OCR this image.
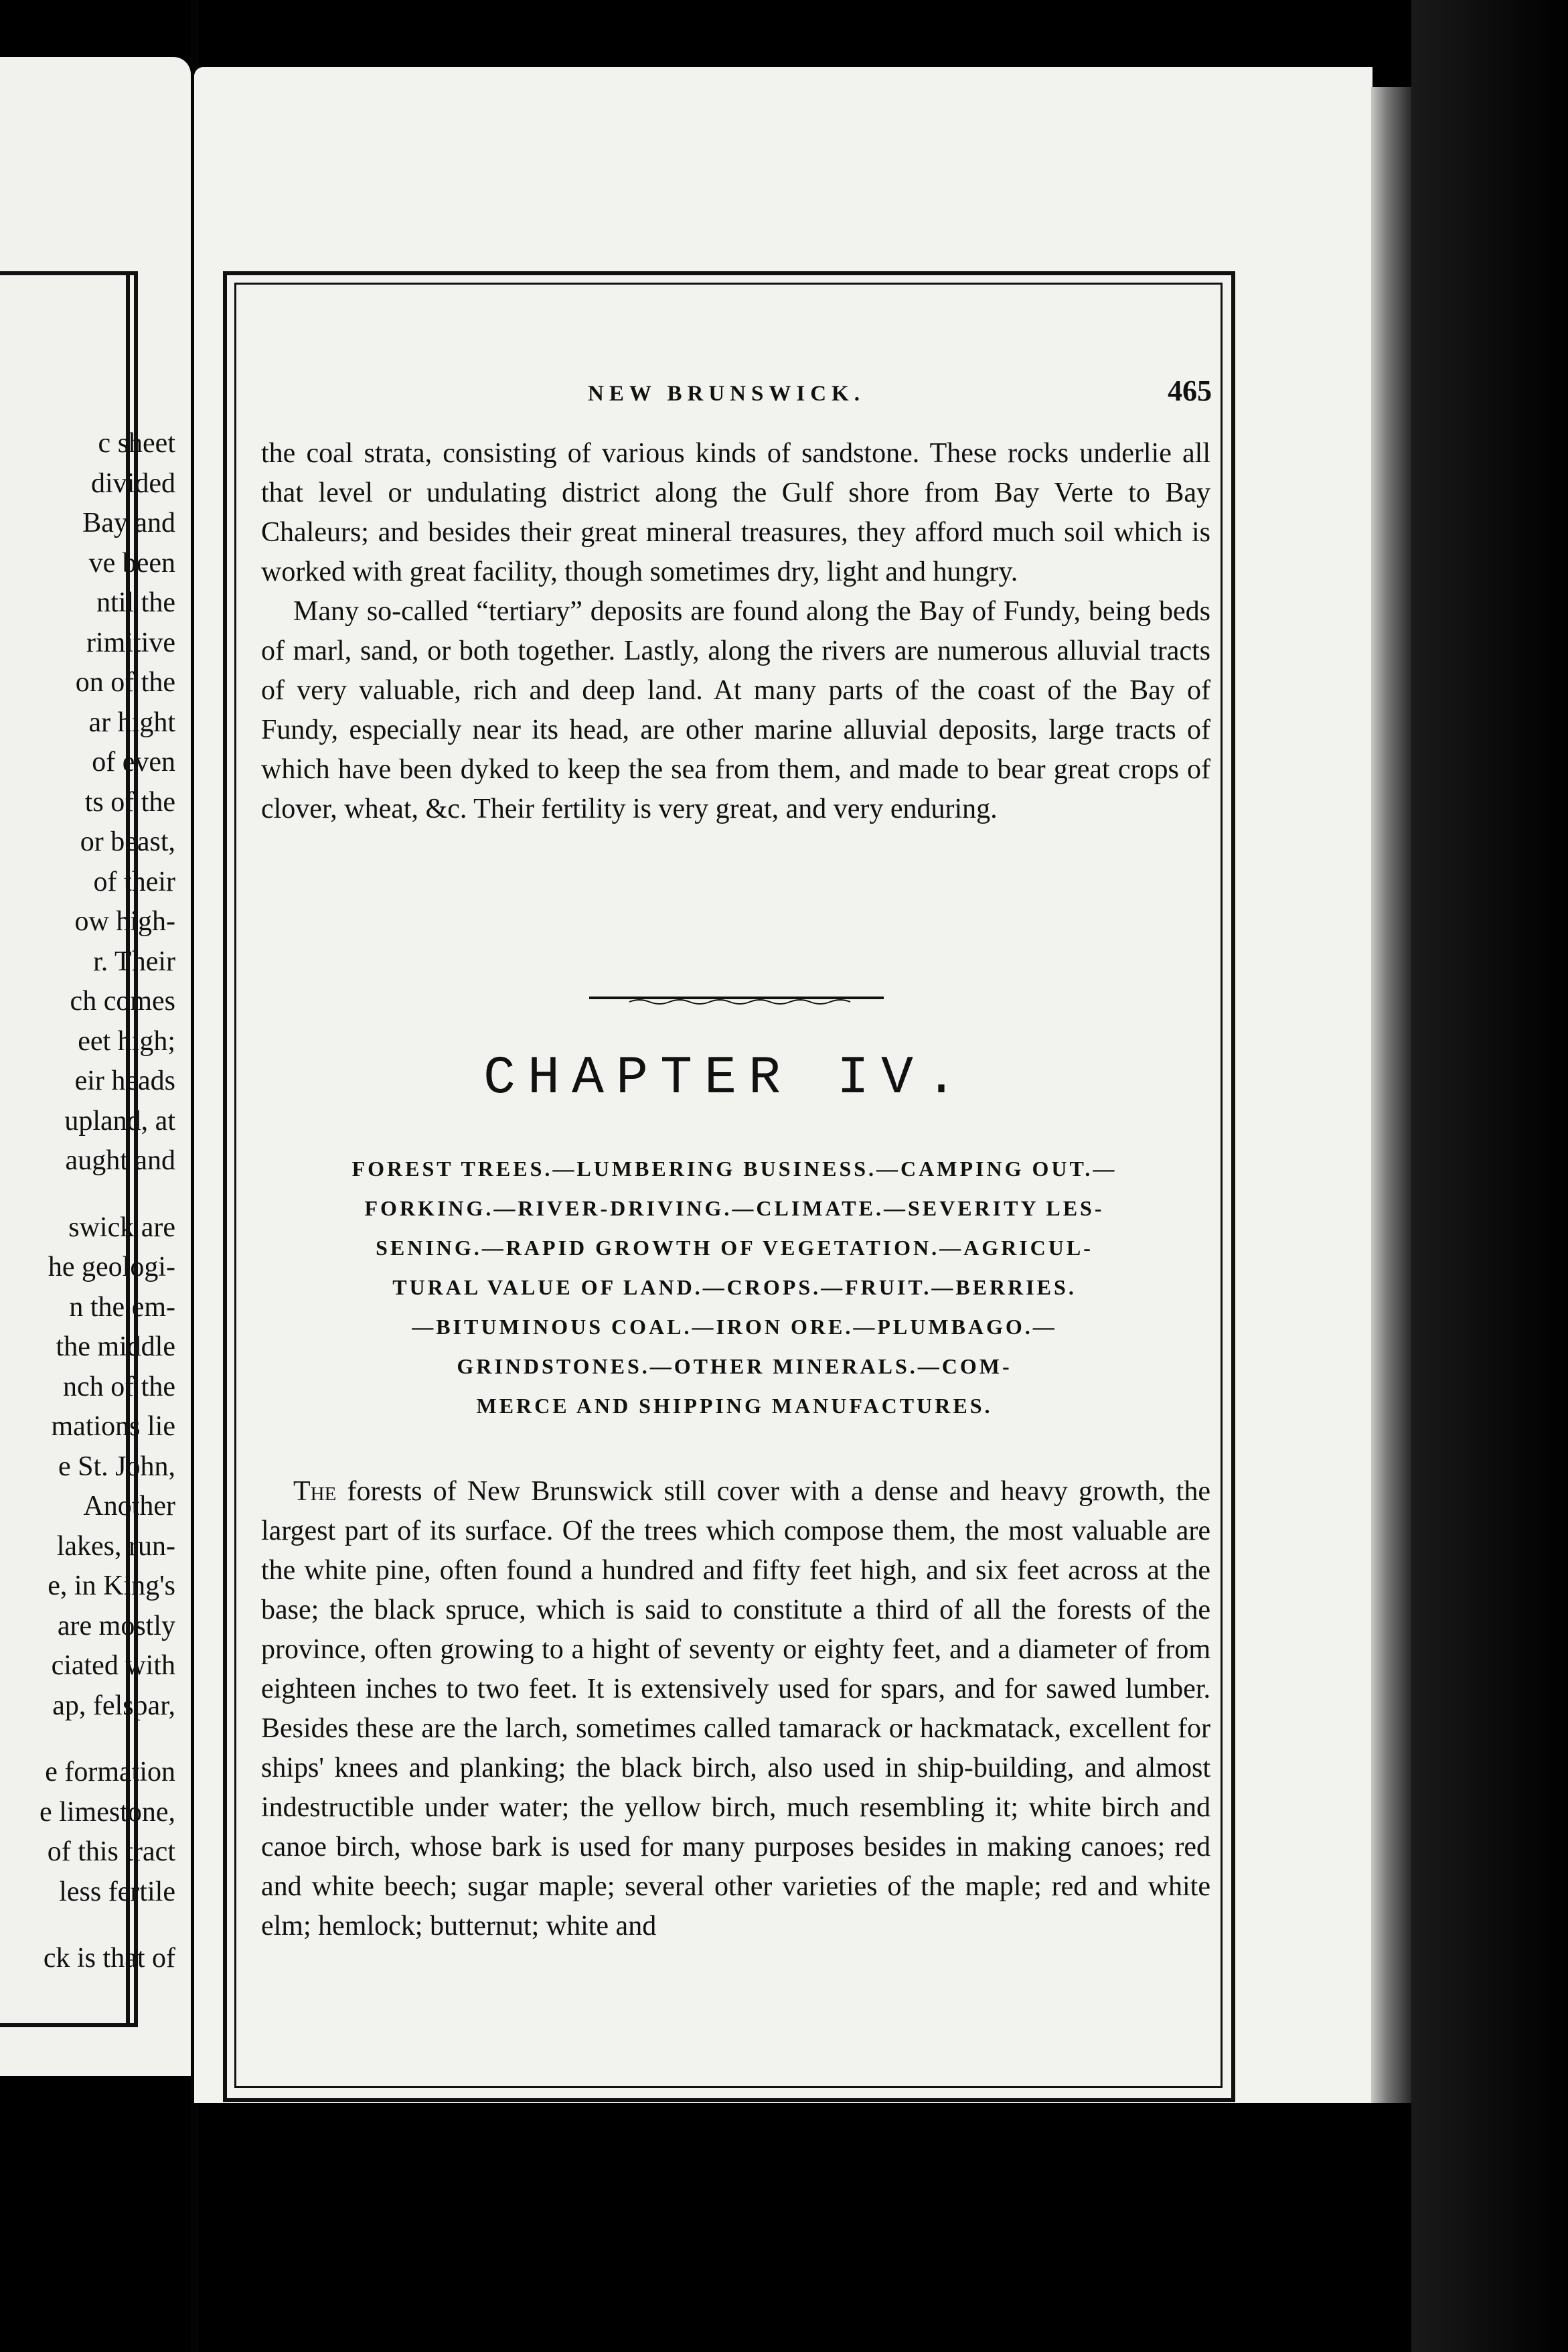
c sheet
divided
Bay and
ve been
ntil the
rimitive
on of the
ar hight
of even
ts of the
or beast,
of their
ow high-
r. Their
ch comes
eet high;
eir heads
upland, at
aught and
swick are
he geologi-
n the em-
the middle
nch of the
mations lie
e St. John,
Another
lakes, run-
e, in King's
are mostly
ciated with
ap, felspar,
e formation
e limestone,
of this tract
less fertile
ck is that of
NEW BRUNSWICK.	465

the coal strata, consisting of various kinds of sandstone. These rocks underlie all that level or undulating district along the Gulf shore from Bay Verte to Bay Chaleurs; and besides their great mineral treasures, they afford much soil which is worked with great facility, though sometimes dry, light and hungry.

Many so-called “tertiary” deposits are found along the Bay of Fundy, being beds of marl, sand, or both together. Lastly, along the rivers are numerous alluvial tracts of very valuable, rich and deep land. At many parts of the coast of the Bay of Fundy, especially near its head, are other marine alluvial deposits, large tracts of which have been dyked to keep the sea from them, and made to bear great crops of clover, wheat, &c. Their fertility is very great, and very enduring.

CHAPTER IV.
FOREST TREES.—LUMBERING BUSINESS.—CAMPING OUT.—
FORKING.—RIVER-DRIVING.—CLIMATE.—SEVERITY LES-
SENING.—RAPID GROWTH OF VEGETATION.—AGRICUL-
TURAL VALUE OF LAND.—CROPS.—FRUIT.—BERRIES.
—BITUMINOUS COAL.—IRON ORE.—PLUMBAGO.—
GRINDSTONES.—OTHER MINERALS.—COM-
MERCE AND SHIPPING MANUFACTURES.

The forests of New Brunswick still cover with a dense and heavy growth, the largest part of its surface. Of the trees which compose them, the most valuable are the white pine, often found a hundred and fifty feet high, and six feet across at the base; the black spruce, which is said to constitute a third of all the forests of the province, often growing to a hight of seventy or eighty feet, and a diameter of from eighteen inches to two feet. It is extensively used for spars, and for sawed lumber. Besides these are the larch, sometimes called tamarack or hackmatack, excellent for ships' knees and planking; the black birch, also used in ship-building, and almost indestructible under water; the yellow birch, much resembling it; white birch and canoe birch, whose bark is used for many purposes besides in making canoes; red and white beech; sugar maple; several other varieties of the maple; red and white elm; hemlock; butternut; white and
